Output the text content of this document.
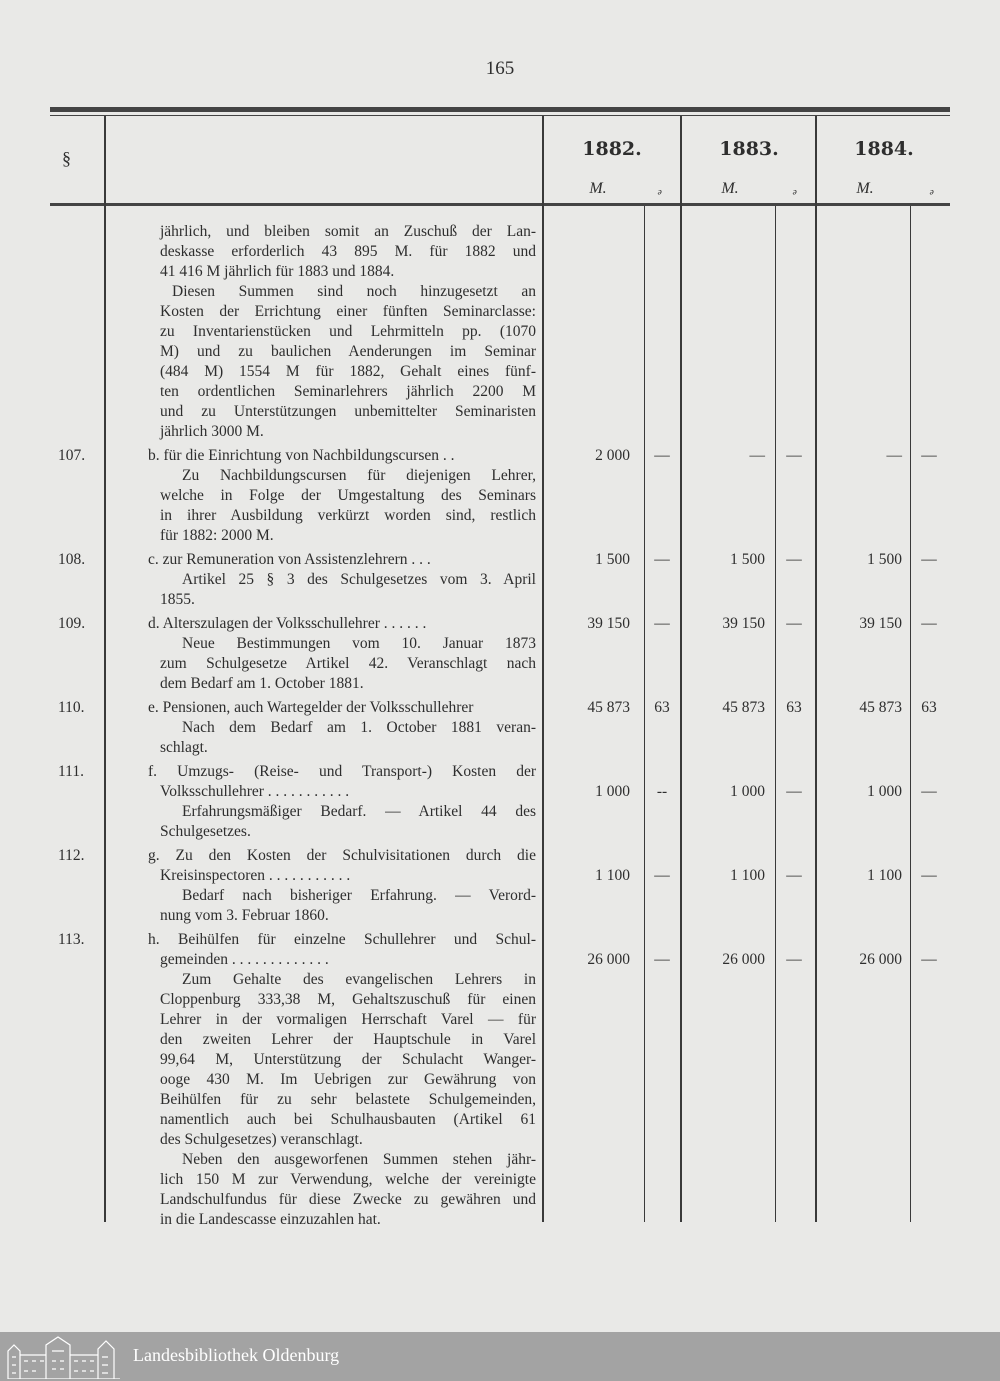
165
§	1882.	1883.	1884.
M.	ₔ	M.	ₔ	M.	ₔ
jährlich, und bleiben somit an Zuschuß der Lan-
deskasse erforderlich 43 895 M. für 1882 und
41 416 M jährlich für 1883 und 1884.
Diesen Summen sind noch hinzugesetzt an
Kosten der Errichtung einer fünften Seminarclasse:
zu Inventarienstücken und Lehrmitteln pp. (1070
M) und zu baulichen Aenderungen im Seminar
(484 M) 1554 M für 1882, Gehalt eines fünf-
ten ordentlichen Seminarlehrers jährlich 2200 M
und zu Unterstützungen unbemittelter Seminaristen
jährlich 3000 M.
107.	b. für die Einrichtung von Nachbildungscursen . .	2 000	—	—	—	—	—
Zu Nachbildungscursen für diejenigen Lehrer,
welche in Folge der Umgestaltung des Seminars
in ihrer Ausbildung verkürzt worden sind, restlich
für 1882: 2000 M.
108.	c. zur Remuneration von Assistenzlehrern . . .	1 500	—	1 500	—	1 500	—
Artikel 25 § 3 des Schulgesetzes vom 3. April
1855.
109.	d. Alterszulagen der Volksschullehrer . . . . . .	39 150	—	39 150	—	39 150	—
Neue Bestimmungen vom 10. Januar 1873
zum Schulgesetze Artikel 42. Veranschlagt nach
dem Bedarf am 1. October 1881.
110.	e. Pensionen, auch Wartegelder der Volksschullehrer	45 873	63	45 873	63	45 873	63
Nach dem Bedarf am 1. October 1881 veran-
schlagt.
111.	f. Umzugs- (Reise- und Transport-) Kosten der
Volksschullehrer . . . . . . . . . . .	1 000	--	1 000	—	1 000	—
Erfahrungsmäßiger Bedarf. — Artikel 44 des
Schulgesetzes.
112.	g. Zu den Kosten der Schulvisitationen durch die
Kreisinspectoren . . . . . . . . . . .	1 100	—	1 100	—	1 100	—
Bedarf nach bisheriger Erfahrung. — Verord-
nung vom 3. Februar 1860.
113.	h. Beihülfen für einzelne Schullehrer und Schul-
gemeinden . . . . . . . . . . . . .	26 000	—	26 000	—	26 000	—
Zum Gehalte des evangelischen Lehrers in
Cloppenburg 333,38 M, Gehaltszuschuß für einen
Lehrer in der vormaligen Herrschaft Varel — für
den zweiten Lehrer der Hauptschule in Varel
99,64 M, Unterstützung der Schulacht Wanger-
ooge 430 M. Im Uebrigen zur Gewährung von
Beihülfen für zu sehr belastete Schulgemeinden,
namentlich auch bei Schulhausbauten (Artikel 61
des Schulgesetzes) veranschlagt.
Neben den ausgeworfenen Summen stehen jähr-
lich 150 M zur Verwendung, welche der vereinigte
Landschulfundus für diese Zwecke zu gewähren und
in die Landescasse einzuzahlen hat.
Landesbibliothek Oldenburg
